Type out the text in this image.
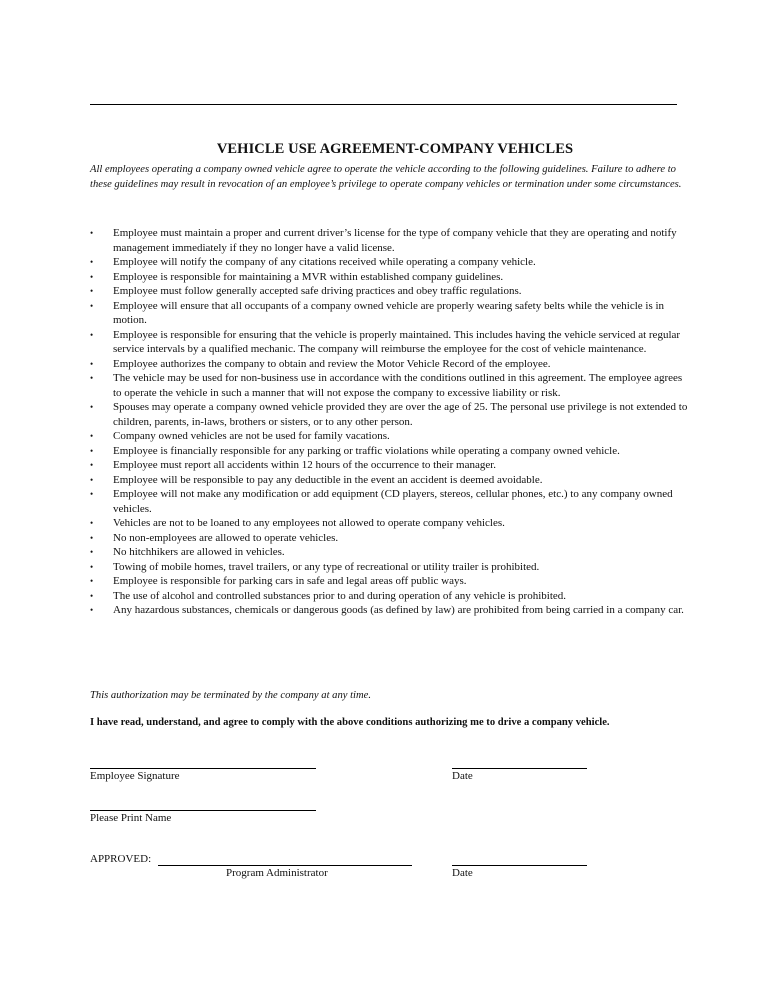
VEHICLE USE AGREEMENT-COMPANY VEHICLES
All employees operating a company owned vehicle agree to operate the vehicle according to the following guidelines. Failure to adhere to these guidelines may result in revocation of an employee’s privilege to operate company vehicles or termination under some circumstances.
• Employee must maintain a proper and current driver’s license for the type of company vehicle that they are operating and notify management immediately if they no longer have a valid license.
• Employee will notify the company of any citations received while operating a company vehicle.
• Employee is responsible for maintaining a MVR within established company guidelines.
• Employee must follow generally accepted safe driving practices and obey traffic regulations.
• Employee will ensure that all occupants of a company owned vehicle are properly wearing safety belts while the vehicle is in motion.
• Employee is responsible for ensuring that the vehicle is properly maintained. This includes having the vehicle serviced at regular service intervals by a qualified mechanic. The company will reimburse the employee for the cost of vehicle maintenance.
• Employee authorizes the company to obtain and review the Motor Vehicle Record of the employee.
• The vehicle may be used for non-business use in accordance with the conditions outlined in this agreement. The employee agrees to operate the vehicle in such a manner that will not expose the company to excessive liability or risk.
• Spouses may operate a company owned vehicle provided they are over the age of 25. The personal use privilege is not extended to children, parents, in-laws, brothers or sisters, or to any other person.
• Company owned vehicles are not be used for family vacations.
• Employee is financially responsible for any parking or traffic violations while operating a company owned vehicle.
• Employee must report all accidents within 12 hours of the occurrence to their manager.
• Employee will be responsible to pay any deductible in the event an accident is deemed avoidable.
• Employee will not make any modification or add equipment (CD players, stereos, cellular phones, etc.) to any company owned vehicles.
• Vehicles are not to be loaned to any employees not allowed to operate company vehicles.
• No non-employees are allowed to operate vehicles.
• No hitchhikers are allowed in vehicles.
• Towing of mobile homes, travel trailers, or any type of recreational or utility trailer is prohibited.
• Employee is responsible for parking cars in safe and legal areas off public ways.
• The use of alcohol and controlled substances prior to and during operation of any vehicle is prohibited.
• Any hazardous substances, chemicals or dangerous goods (as defined by law) are prohibited from being carried in a company car.
This authorization may be terminated by the company at any time.
I have read, understand, and agree to comply with the above conditions authorizing me to drive a company vehicle.
Employee Signature	Date
Please Print Name
APPROVED:
Program Administrator	Date
